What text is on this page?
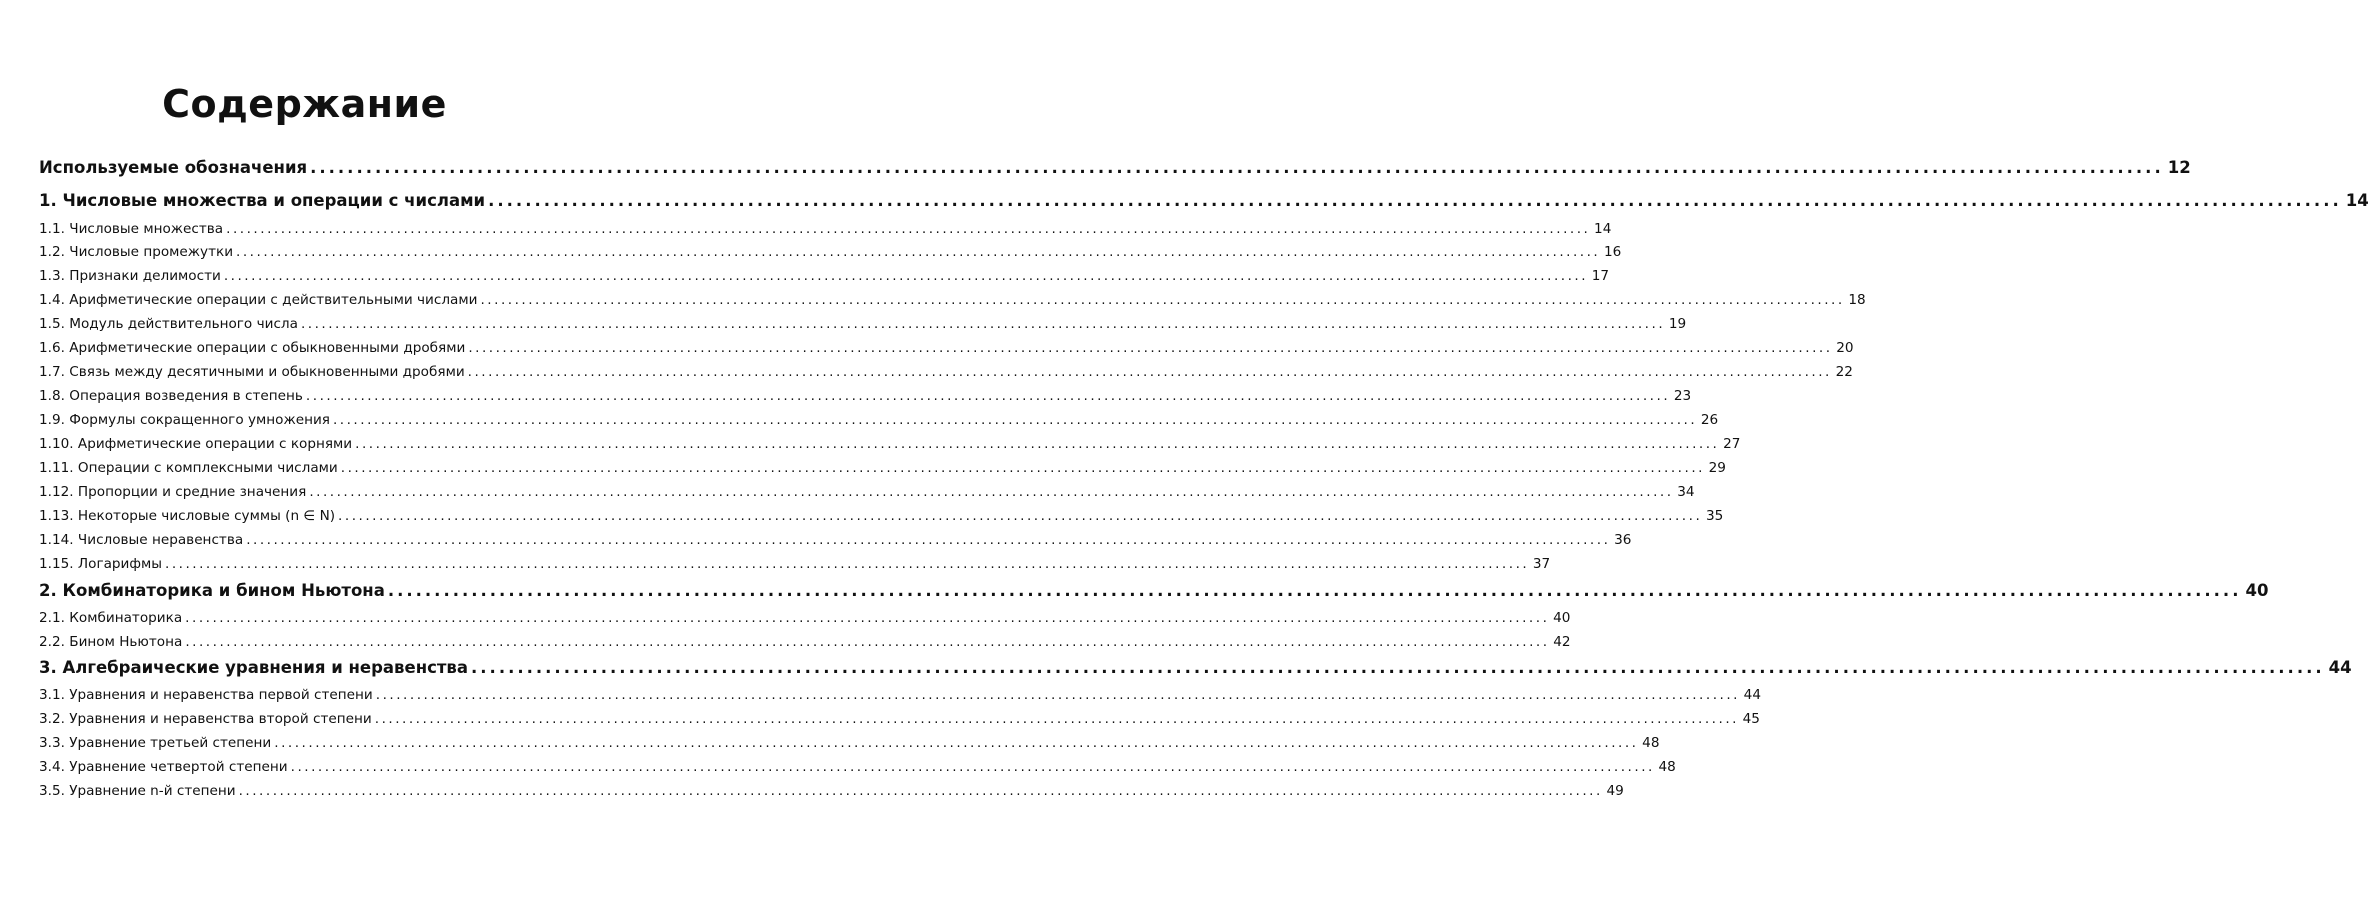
Содержание
Используемые обозначения ........................................................................................................................................................................................................ 12
1. Числовые множества и операции с числами ........................................................................................................................................................................................................ 14
1.1. Числовые множества ........................................................................................................................................................................................................ 14
1.2. Числовые промежутки ........................................................................................................................................................................................................ 16
1.3. Признаки делимости ........................................................................................................................................................................................................ 17
1.4. Арифметические операции с действительными числами ........................................................................................................................................................................................................ 18
1.5. Модуль действительного числа ........................................................................................................................................................................................................ 19
1.6. Арифметические операции с обыкновенными дробями ........................................................................................................................................................................................................ 20
1.7. Связь между десятичными и обыкновенными дробями ........................................................................................................................................................................................................ 22
1.8. Операция возведения в степень ........................................................................................................................................................................................................ 23
1.9. Формулы сокращенного умножения ........................................................................................................................................................................................................ 26
1.10. Арифметические операции с корнями ........................................................................................................................................................................................................ 27
1.11. Операции с комплексными числами ........................................................................................................................................................................................................ 29
1.12. Пропорции и средние значения ........................................................................................................................................................................................................ 34
1.13. Некоторые числовые суммы (n ∈ N) ........................................................................................................................................................................................................ 35
1.14. Числовые неравенства ........................................................................................................................................................................................................ 36
1.15. Логарифмы ........................................................................................................................................................................................................ 37
2. Комбинаторика и бином Ньютона ........................................................................................................................................................................................................ 40
2.1. Комбинаторика ........................................................................................................................................................................................................ 40
2.2. Бином Ньютона ........................................................................................................................................................................................................ 42
3. Алгебраические уравнения и неравенства ........................................................................................................................................................................................................ 44
3.1. Уравнения и неравенства первой степени ........................................................................................................................................................................................................ 44
3.2. Уравнения и неравенства второй степени ........................................................................................................................................................................................................ 45
3.3. Уравнение третьей степени ........................................................................................................................................................................................................ 48
3.4. Уравнение четвертой степени ........................................................................................................................................................................................................ 48
3.5. Уравнение n-й степени ........................................................................................................................................................................................................ 49
